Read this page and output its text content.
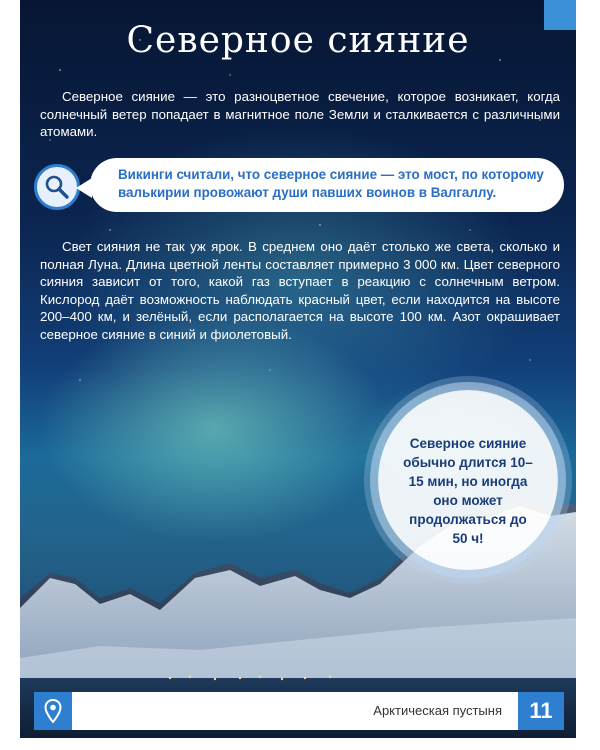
Северное сияние

Северное сияние — это разноцветное свечение, которое возникает, когда солнечный ветер попадает в магнитное поле Земли и сталкивается с различными атомами.

Викинги считали, что северное сияние — это мост, по которому валькирии провожают души павших воинов в Валгаллу.

Свет сияния не так уж ярок. В среднем оно даёт столько же света, сколько и полная Луна. Длина цветной ленты составляет примерно 3 000 км. Цвет северного сияния зависит от того, какой газ вступает в реакцию с солнечным ветром. Кислород даёт возможность наблюдать красный цвет, если находится на высоте 200–400 км, и зелёный, если располагается на высоте 100 км. Азот окрашивает северное сияние в синий и фиолетовый.

Северное сияние обычно длится 10–15 мин, но иногда оно может продолжаться до 50 ч!
Арктическая пустыня	11
